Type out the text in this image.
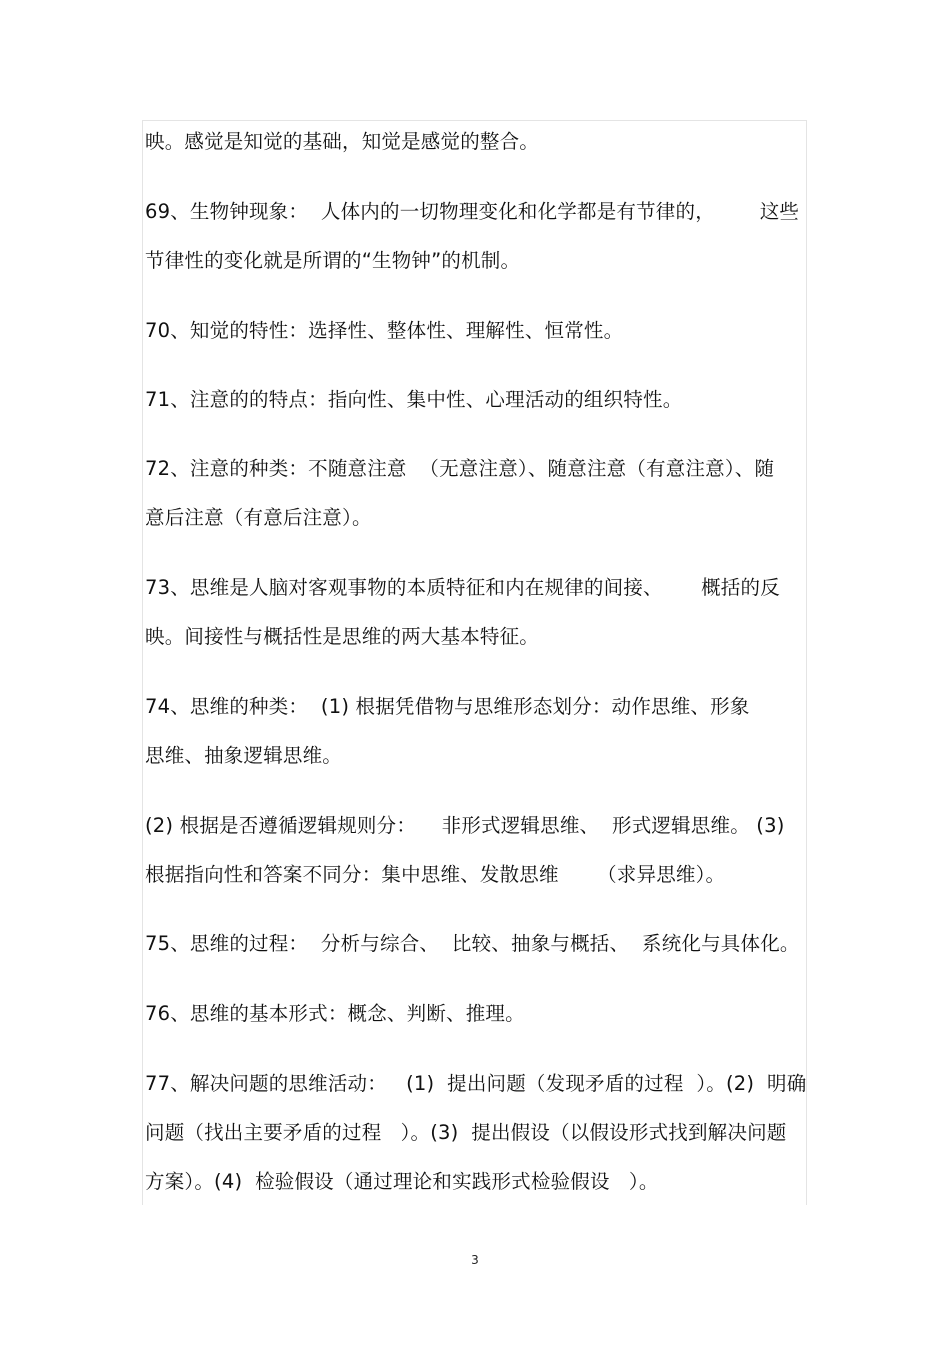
映。感觉是知觉的基础，知觉是感觉的整合。
69、生物钟现象：  人体内的一切物理变化和化学都是有节律的，       这些
节律性的变化就是所谓的“生物钟”的机制。
70、知觉的特性：选择性、整体性、理解性、恒常性。
71、注意的的特点：指向性、集中性、心理活动的组织特性。
72、注意的种类：不随意注意  （无意注意）、随意注意（有意注意）、随
意后注意（有意后注意）。
73、思维是人脑对客观事物的本质特征和内在规律的间接、      概括的反
映。间接性与概括性是思维的两大基本特征。
74、思维的种类：  (1) 根据凭借物与思维形态划分：动作思维、形象
思维、抽象逻辑思维。
(2) 根据是否遵循逻辑规则分：    非形式逻辑思维、  形式逻辑思维。 (3)
根据指向性和答案不同分：集中思维、发散思维      （求异思维）。
75、思维的过程：  分析与综合、  比较、抽象与概括、  系统化与具体化。
76、思维的基本形式：概念、判断、推理。
77、解决问题的思维活动：   (1)  提出问题（发现矛盾的过程  ）。(2)  明确
问题（找出主要矛盾的过程   ）。(3)  提出假设（以假设形式找到解决问题
方案）。(4)  检验假设（通过理论和实践形式检验假设   ）。
3
